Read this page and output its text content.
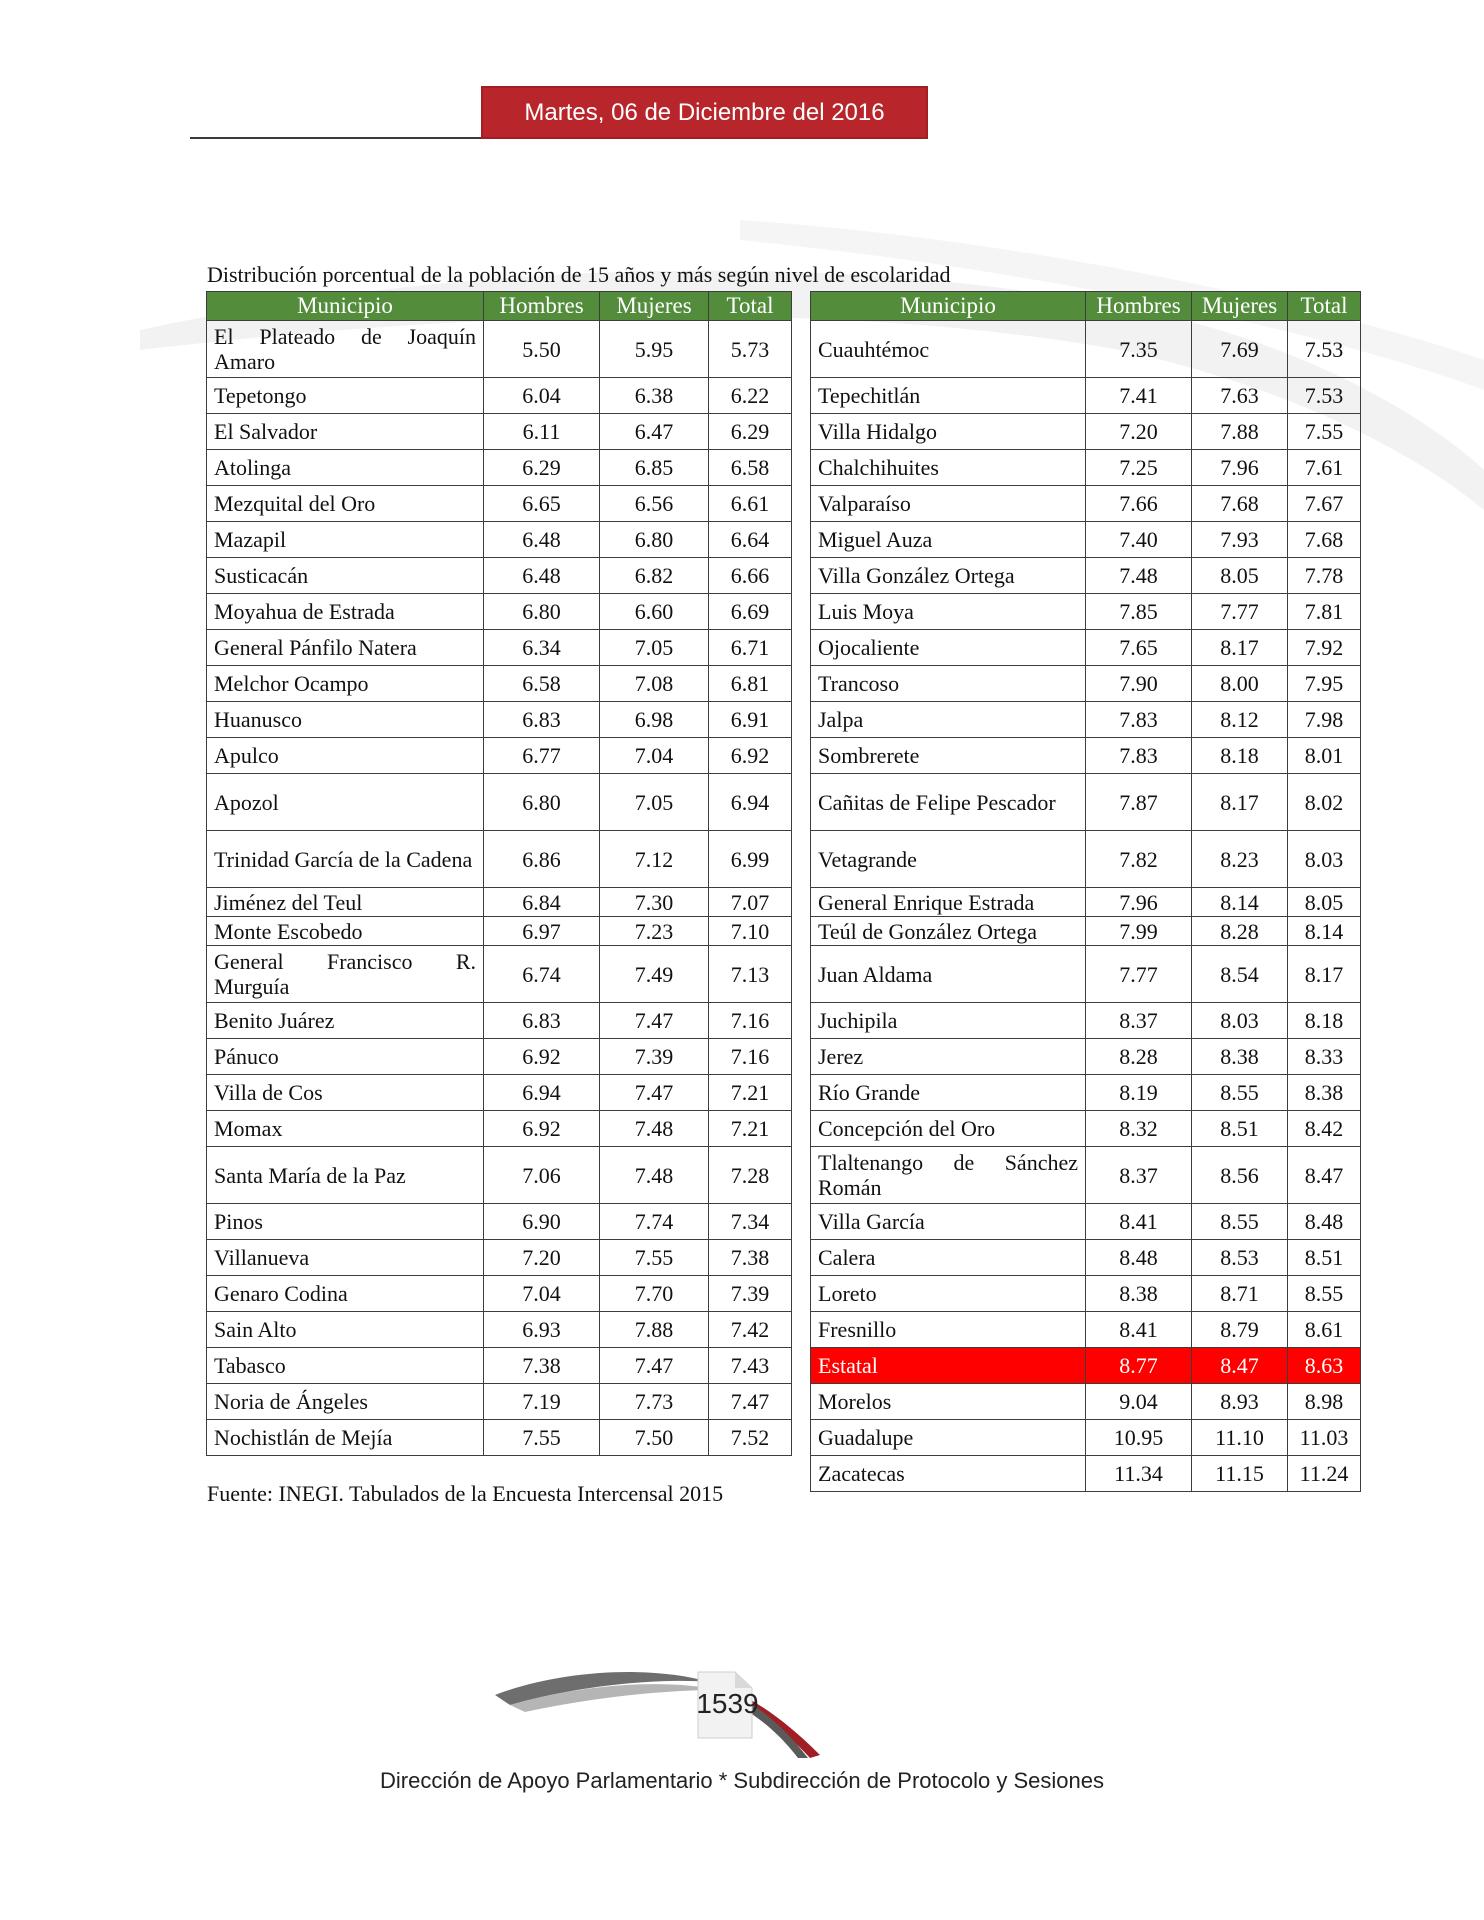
Martes, 06 de Diciembre del 2016
Distribución porcentual de la población de 15 años y más según nivel de escolaridad
Municipio	Hombres	Mujeres	Total
El Plateado de Joaquín Amaro	5.50	5.95	5.73
Tepetongo	6.04	6.38	6.22
El Salvador	6.11	6.47	6.29
Atolinga	6.29	6.85	6.58
Mezquital del Oro	6.65	6.56	6.61
Mazapil	6.48	6.80	6.64
Susticacán	6.48	6.82	6.66
Moyahua de Estrada	6.80	6.60	6.69
General Pánfilo Natera	6.34	7.05	6.71
Melchor Ocampo	6.58	7.08	6.81
Huanusco	6.83	6.98	6.91
Apulco	6.77	7.04	6.92
Apozol	6.80	7.05	6.94
Trinidad García de la Cadena	6.86	7.12	6.99
Jiménez del Teul	6.84	7.30	7.07
Monte Escobedo	6.97	7.23	7.10
General Francisco R. Murguía	6.74	7.49	7.13
Benito Juárez	6.83	7.47	7.16
Pánuco	6.92	7.39	7.16
Villa de Cos	6.94	7.47	7.21
Momax	6.92	7.48	7.21
Santa María de la Paz	7.06	7.48	7.28
Pinos	6.90	7.74	7.34
Villanueva	7.20	7.55	7.38
Genaro Codina	7.04	7.70	7.39
Sain Alto	6.93	7.88	7.42
Tabasco	7.38	7.47	7.43
Noria de Ángeles	7.19	7.73	7.47
Nochistlán de Mejía	7.55	7.50	7.52
Municipio	Hombres	Mujeres	Total
Cuauhtémoc	7.35	7.69	7.53
Tepechitlán	7.41	7.63	7.53
Villa Hidalgo	7.20	7.88	7.55
Chalchihuites	7.25	7.96	7.61
Valparaíso	7.66	7.68	7.67
Miguel Auza	7.40	7.93	7.68
Villa González Ortega	7.48	8.05	7.78
Luis Moya	7.85	7.77	7.81
Ojocaliente	7.65	8.17	7.92
Trancoso	7.90	8.00	7.95
Jalpa	7.83	8.12	7.98
Sombrerete	7.83	8.18	8.01
Cañitas de Felipe Pescador	7.87	8.17	8.02
Vetagrande	7.82	8.23	8.03
General Enrique Estrada	7.96	8.14	8.05
Teúl de González Ortega	7.99	8.28	8.14
Juan Aldama	7.77	8.54	8.17
Juchipila	8.37	8.03	8.18
Jerez	8.28	8.38	8.33
Río Grande	8.19	8.55	8.38
Concepción del Oro	8.32	8.51	8.42
Tlaltenango de Sánchez Román	8.37	8.56	8.47
Villa García	8.41	8.55	8.48
Calera	8.48	8.53	8.51
Loreto	8.38	8.71	8.55
Fresnillo	8.41	8.79	8.61
Estatal	8.77	8.47	8.63
Morelos	9.04	8.93	8.98
Guadalupe	10.95	11.10	11.03
Zacatecas	11.34	11.15	11.24
Fuente: INEGI. Tabulados de la Encuesta Intercensal 2015
1539
Dirección de Apoyo Parlamentario * Subdirección de Protocolo y Sesiones
